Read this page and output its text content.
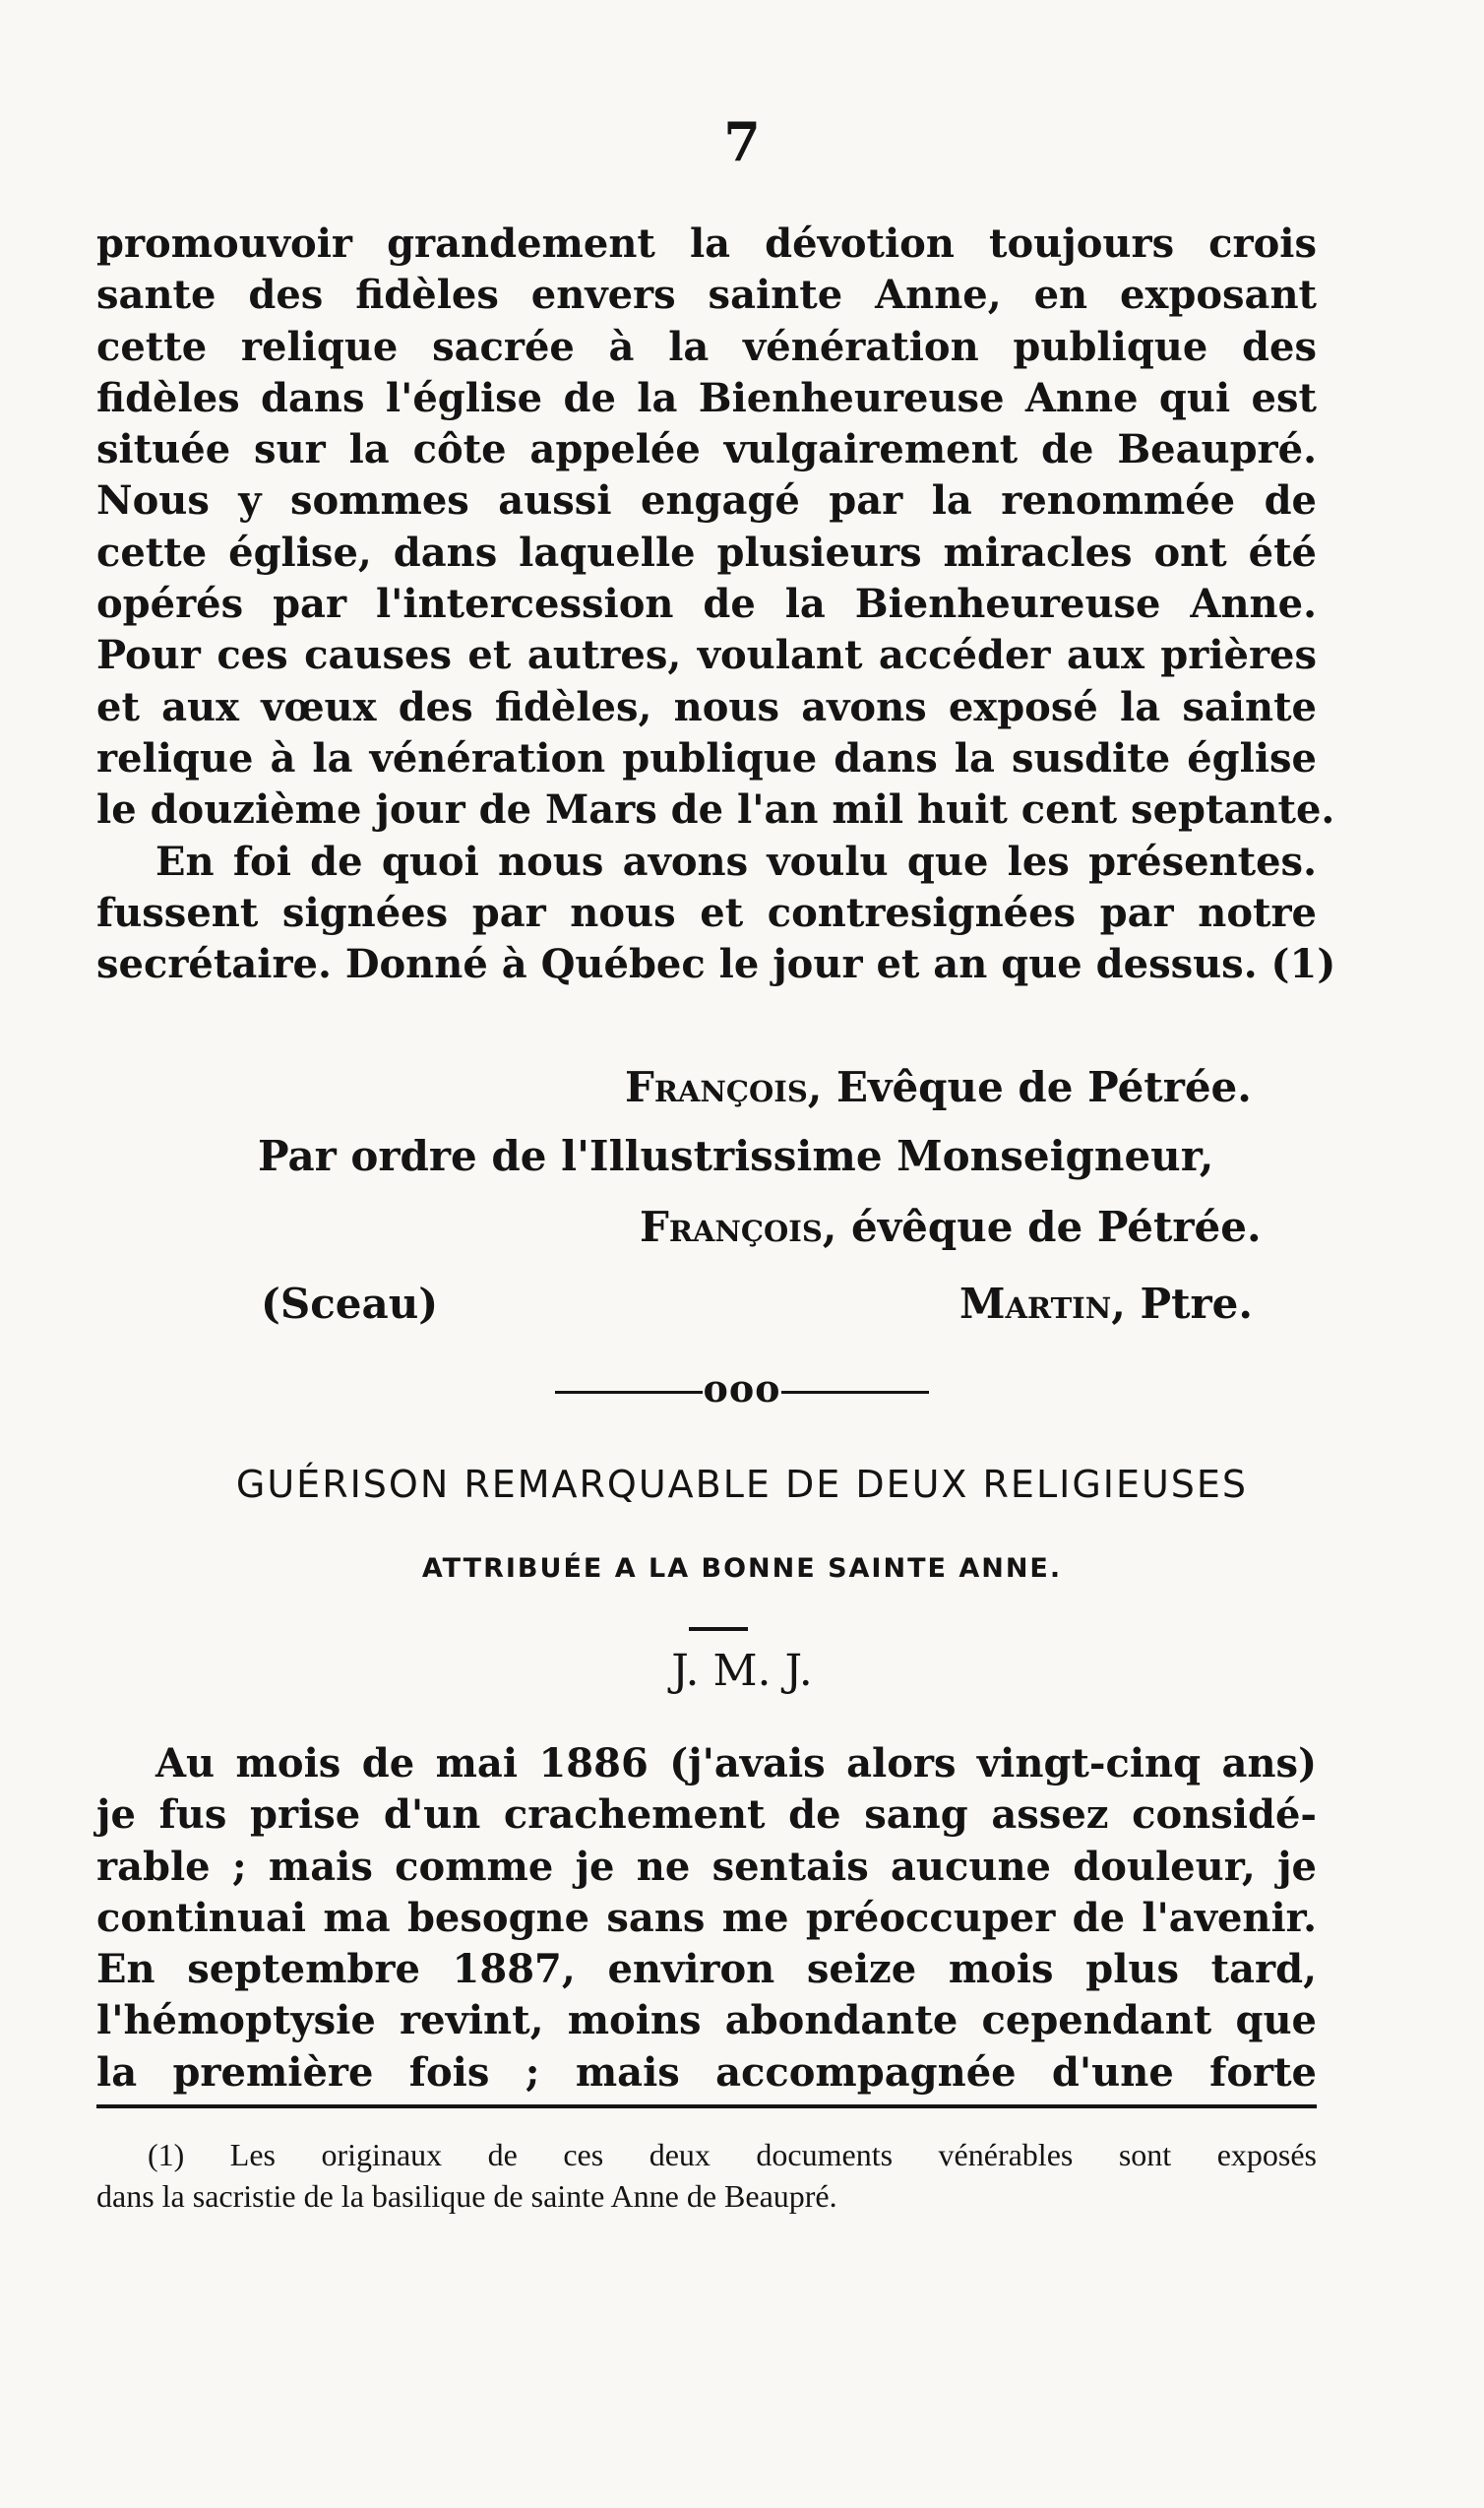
7
promouvoir grandement la dévotion toujours crois
sante des fidèles envers sainte Anne, en exposant
cette relique sacrée à la vénération publique des
fidèles dans l'église de la Bienheureuse Anne qui est
située sur la côte appelée vulgairement de Beaupré.
Nous y sommes aussi engagé par la renommée de
cette église, dans laquelle plusieurs miracles ont été
opérés par l'intercession de la Bienheureuse Anne.
Pour ces causes et autres, voulant accéder aux prières
et aux vœux des fidèles, nous avons exposé la sainte
relique à la vénération publique dans la susdite église
le douzième jour de Mars de l'an mil huit cent septante.
En foi de quoi nous avons voulu que les présentes.
fussent signées par nous et contresignées par notre
secrétaire. Donné à Québec le jour et an que dessus. (1)
François, Evêque de Pétrée.
Par ordre de l'Illustrissime Monseigneur,
François, évêque de Pétrée.
(Sceau)	Martin, Ptre.
ooo
GUÉRISON REMARQUABLE DE DEUX RELIGIEUSES
ATTRIBUÉE A LA BONNE SAINTE ANNE.
J. M. J.
Au mois de mai 1886 (j'avais alors vingt-cinq ans)
je fus prise d'un crachement de sang assez considé-
rable ; mais comme je ne sentais aucune douleur, je
continuai ma besogne sans me préoccuper de l'avenir.
En septembre 1887, environ seize mois plus tard,
l'hémoptysie revint, moins abondante cependant que
la première fois ; mais accompagnée d'une forte
(1) Les originaux de ces deux documents vénérables sont exposés
dans la sacristie de la basilique de sainte Anne de Beaupré.
